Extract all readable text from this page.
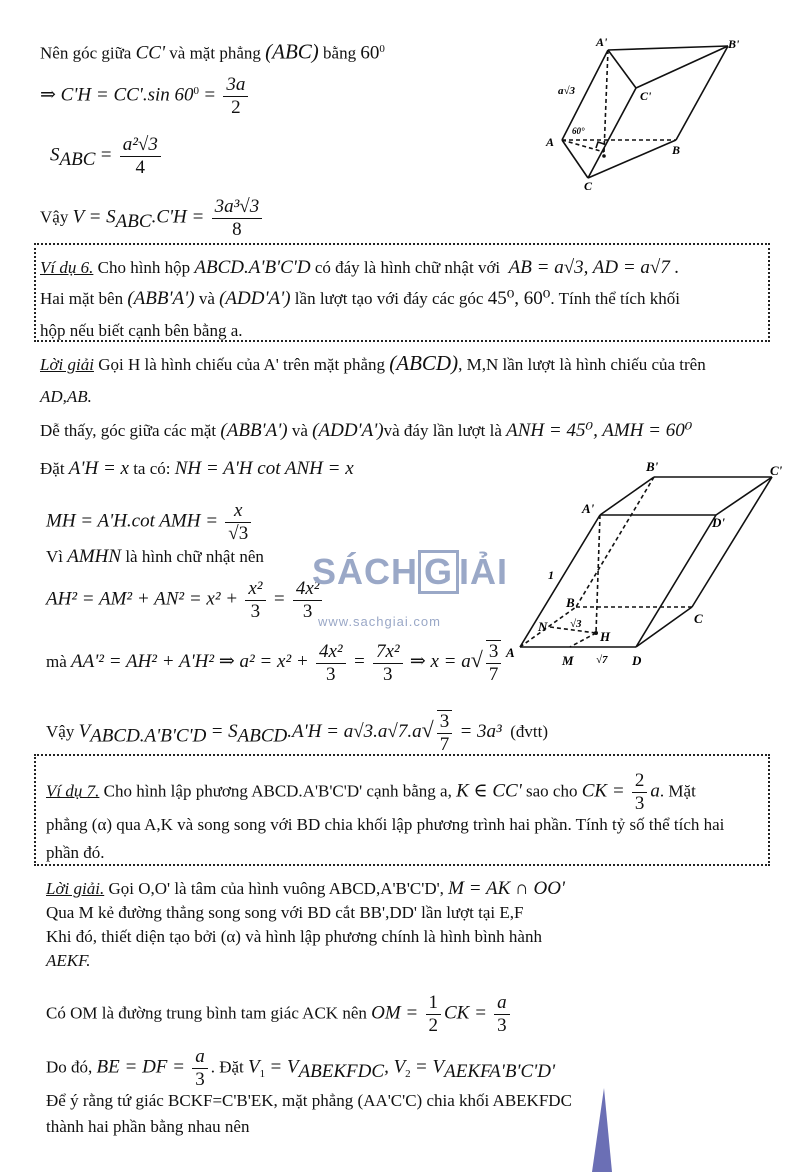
Nên góc giữa CC' và mặt phẳng (ABC) bằng $60^0$
⇒ C'H = CC'.sin $60^0 = \frac{3a}{2}$
$S_{ABC} = \frac{\text{a²√3}}{4}$
Vậy $V = S_{ABC}.C'H = \frac{\text{3a³√3}}{8}$
A'	B'
C'
A
B
C
a√3
60°
Ví dụ 6. Cho hình hộp ABCD.A'B'C'D có đáy là hình chữ nhật với AB = a√3, AD = a√7 .
Hai mặt bên (ABB'A') và (ADD'A') lần lượt tạo với đáy các góc 45⁰, 60⁰. Tính thể tích khối
hộp nếu biết cạnh bên bằng a.
Lời giải Gọi H là hình chiếu của A' trên mặt phẳng (ABCD), M,N lần lượt là hình chiếu của trên
AD,AB.
Dễ thấy, góc giữa các mặt (ABB'A') và (ADD'A')và đáy lần lượt là ANH = 45⁰, AMH = 60⁰
Đặt A'H = x ta có: NH = A'H cot ANH = x
MH = A'H.cot AMH = $\frac{x}{√3}$
Vì AMHN là hình chữ nhật nên
$AH^2 = AM^2 + AN^2 = x^2 + \frac{\text{x²}}{3} = \frac{\text{4x²}}{3}$
mà AA'² = AH² + A'H² ⇒ $a^2 = x^2 + \frac{\text{4x²}}{3} = \frac{\text{7x²}}{3}$ ⇒ $x = a√ \frac{3}{7}$
Vậy $V_{ABCD.A'B'C'D} = S_{ABCD}.A'H = a√3.a√7.a√ \frac{3}{7} = 3a^3$ (đvtt)
B'	C'
A'
D'
B
C
N
H
A
M	D
1
√3
√7
SÁCH G IẢI
www.sachgiai.com
Ví dụ 7. Cho hình lập phương ABCD.A'B'C'D' cạnh bằng a, K ∈ CC' sao cho CK = $\frac{2}{3} a$. Mặt
phẳng (α) qua A,K và song song với BD chia khối lập phương trình hai phần. Tính tỷ số thể tích hai
phần đó.
Lời giải. Gọi O,O' là tâm của hình vuông ABCD,A'B'C'D', M = AK ∩ OO'
Qua M kẻ đường thẳng song song với BD cắt BB',DD' lần lượt tại E,F
Khi đó, thiết diện tạo bởi (α) và hình lập phương chính là hình bình hành
AEKF.
Có OM là đường trung bình tam giác ACK nên OM = $\frac{1}{2}$ CK = $\frac{a}{3}$
Do đó, BE = DF = $\frac{a}{3}$ . Đặt $V_1 = V_{ABEKFDC}$, $V_2 = V_{AEKFA'B'C'D'}$
Để ý rằng tứ giác BCKF=C'B'EK, mặt phẳng (AA'C'C) chia khối ABEKFDC
thành hai phần bằng nhau nên
